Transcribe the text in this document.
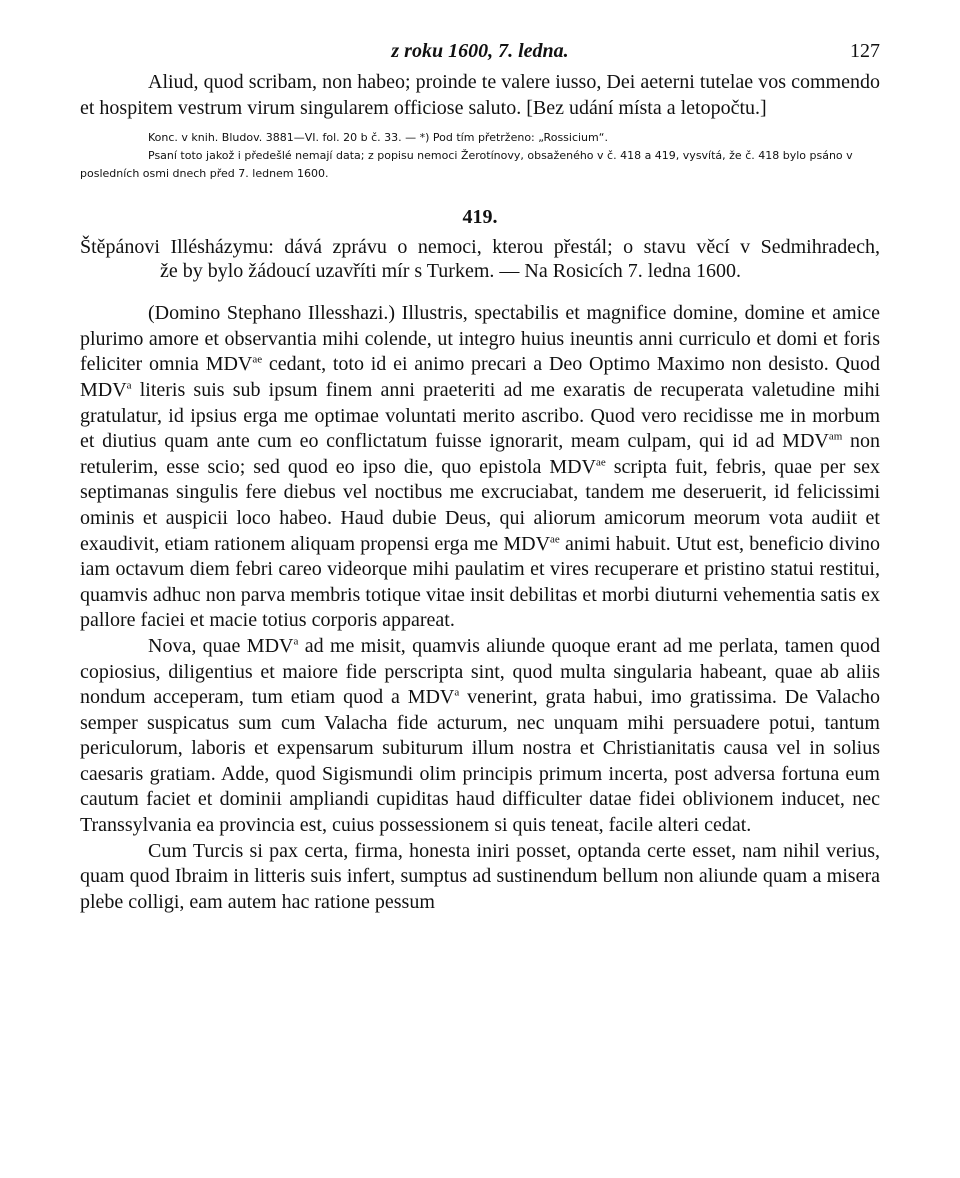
z roku 1600, 7. ledna.	127

Aliud, quod scribam, non habeo; proinde te valere iusso, Dei aeterni tutelae vos commendo et hospitem vestrum virum singularem officiose saluto. [Bez udání místa a letopočtu.]

Konc. v knih. Bludov. 3881—VI. fol. 20 b č. 33. — *) Pod tím přetrženo: „Rossicium“.

Psaní toto jakož i předešlé nemají data; z popisu nemoci Žerotínovy, obsaženého v č. 418 a 419, vysvítá, že č. 418 bylo psáno v posledních osmi dnech před 7. lednem 1600.

419.
Štěpánovi Illésházymu: dává zprávu o nemoci, kterou přestál; o stavu věcí v Sedmihradech,
že by bylo žádoucí uzavříti mír s Turkem. — Na Rosicích 7. ledna 1600.

(Domino Stephano Illesshazi.) Illustris, spectabilis et magnifice domine, domine et amice plurimo amore et observantia mihi colende, ut integro huius ineuntis anni curriculo et domi et foris feliciter omnia $MDV^{ae}$ cedant, toto id ei animo precari a Deo Optimo Maximo non desisto. Quod MDV$^a$ literis suis sub ipsum finem anni praeteriti ad me exaratis de recuperata valetudine mihi gratulatur, id ipsius erga me optimae voluntati merito ascribo. Quod vero recidisse me in morbum et diutius quam ante cum eo conflictatum fuisse ignorarit, meam culpam, qui id ad $MDV^{am}$ non retulerim, esse scio; sed quod eo ipso die, quo epistola $MDV^{ae}$ scripta fuit, febris, quae per sex septimanas singulis fere diebus vel noctibus me excruciabat, tandem me deseruerit, id felicissimi ominis et auspicii loco habeo. Haud dubie Deus, qui aliorum amicorum meorum vota audiit et exaudivit, etiam rationem aliquam propensi erga me $MDV^{ae}$ animi habuit. Utut est, beneficio divino iam octavum diem febri careo videorque mihi paulatim et vires recuperare et pristino statui restitui, quamvis adhuc non parva membris totique vitae insit debilitas et morbi diuturni vehementia satis ex pallore faciei et macie totius corporis appareat.

Nova, quae MDV$^a$ ad me misit, quamvis aliunde quoque erant ad me perlata, tamen quod copiosius, diligentius et maiore fide perscripta sint, quod multa singularia habeant, quae ab aliis nondum acceperam, tum etiam quod a MDV$^a$ venerint, grata habui, imo gratissima. De Valacho semper suspicatus sum cum Valacha fide acturum, nec unquam mihi persuadere potui, tantum periculorum, laboris et expensarum subiturum illum nostra et Christianitatis causa vel in solius caesaris gratiam. Adde, quod Sigismundi olim principis primum incerta, post adversa fortuna eum cautum faciet et dominii ampliandi cupiditas haud difficulter datae fidei oblivionem inducet, nec Transsylvania ea provincia est, cuius possessionem si quis teneat, facile alteri cedat.

Cum Turcis si pax certa, firma, honesta iniri posset, optanda certe esset, nam nihil verius, quam quod Ibraim in litteris suis infert, sumptus ad sustinendum bellum non aliunde quam a misera plebe colligi, eam autem hac ratione pessum
